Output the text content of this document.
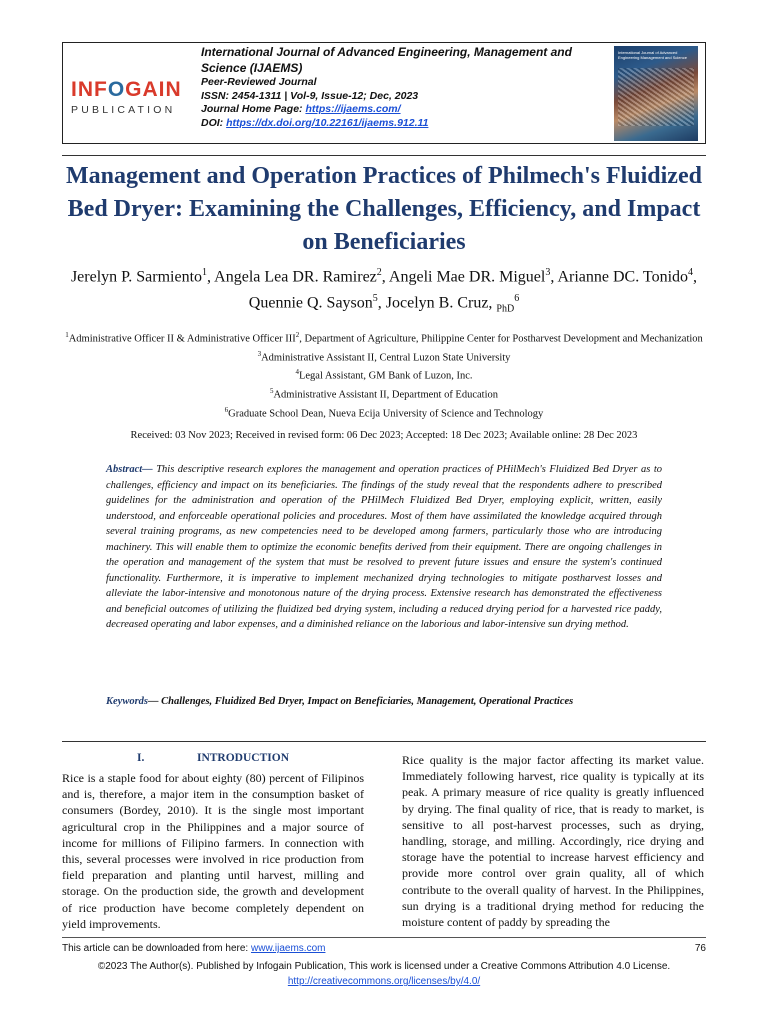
INFOGAIN
PUBLICATION
International Journal of Advanced Engineering, Management and Science (IJAEMS)
Peer-Reviewed Journal
ISSN: 2454-1311 | Vol-9, Issue-12; Dec, 2023
Journal Home Page: https://ijaems.com/
DOI: https://dx.doi.org/10.22161/ijaems.912.11
International Journal of Advanced Engineering Management and Science
Management and Operation Practices of Philmech's Fluidized Bed Dryer: Examining the Challenges, Efficiency, and Impact on Beneficiaries
Jerelyn P. Sarmiento$^1$, Angela Lea DR. Ramirez$^2$, Angeli Mae DR. Miguel$^3$, Arianne DC. Tonido$^4$,
Quennie Q. Sayson$^5$, Jocelyn B. Cruz, $_{PhD}^6$
$^1$Administrative Officer II & Administrative Officer III$^2$, Department of Agriculture, Philippine Center for Postharvest Development and Mechanization
$^3$Administrative Assistant II, Central Luzon State University
$^4$Legal Assistant, GM Bank of Luzon, Inc.
$^5$Administrative Assistant II, Department of Education
$^6$Graduate School Dean, Nueva Ecija University of Science and Technology
Received: 03 Nov 2023; Received in revised form: 06 Dec 2023; Accepted: 18 Dec 2023; Available online: 28 Dec 2023
Abstract— This descriptive research explores the management and operation practices of PHilMech's Fluidized Bed Dryer as to challenges, efficiency and impact on its beneficiaries. The findings of the study reveal that the respondents adhere to prescribed guidelines for the administration and operation of the PHilMech Fluidized Bed Dryer, employing explicit, written, easily understood, and enforceable operational policies and procedures. Most of them have assimilated the knowledge acquired through several training programs, as new competencies need to be developed among farmers, particularly those who are introducing machinery. This will enable them to optimize the economic benefits derived from their equipment. There are ongoing challenges in the operation and management of the system that must be resolved to prevent future issues and ensure the system's continued functionality. Furthermore, it is imperative to implement mechanized drying technologies to mitigate postharvest losses and alleviate the labor-intensive and monotonous nature of the drying process. Extensive research has demonstrated the effectiveness and beneficial outcomes of utilizing the fluidized bed drying system, including a reduced drying period for a harvested rice paddy, decreased operating and labor expenses, and a diminished reliance on the laborious and labor-intensive sun drying method.
Keywords— Challenges, Fluidized Bed Dryer, Impact on Beneficiaries, Management, Operational Practices
I.	INTRODUCTION
Rice is a staple food for about eighty (80) percent of Filipinos and is, therefore, a major item in the consumption basket of consumers (Bordey, 2010). It is the single most important agricultural crop in the Philippines and a major source of income for millions of Filipino farmers. In connection with this, several processes were involved in rice production from field preparation and planting until harvest, milling and storage. On the production side, the growth and development of rice production have become completely dependent on yield improvements.
Rice quality is the major factor affecting its market value. Immediately following harvest, rice quality is typically at its peak. A primary measure of rice quality is greatly influenced by drying. The final quality of rice, that is ready to market, is sensitive to all post-harvest processes, such as drying, handling, storage, and milling. Accordingly, rice drying and storage have the potential to increase harvest efficiency and provide more control over grain quality, all of which contribute to the overall quality of harvest. In the Philippines, sun drying is a traditional drying method for reducing the moisture content of paddy by spreading the
This article can be downloaded from here: www.ijaems.com	76
©2023 The Author(s). Published by Infogain Publication, This work is licensed under a Creative Commons Attribution 4.0 License.
http://creativecommons.org/licenses/by/4.0/
